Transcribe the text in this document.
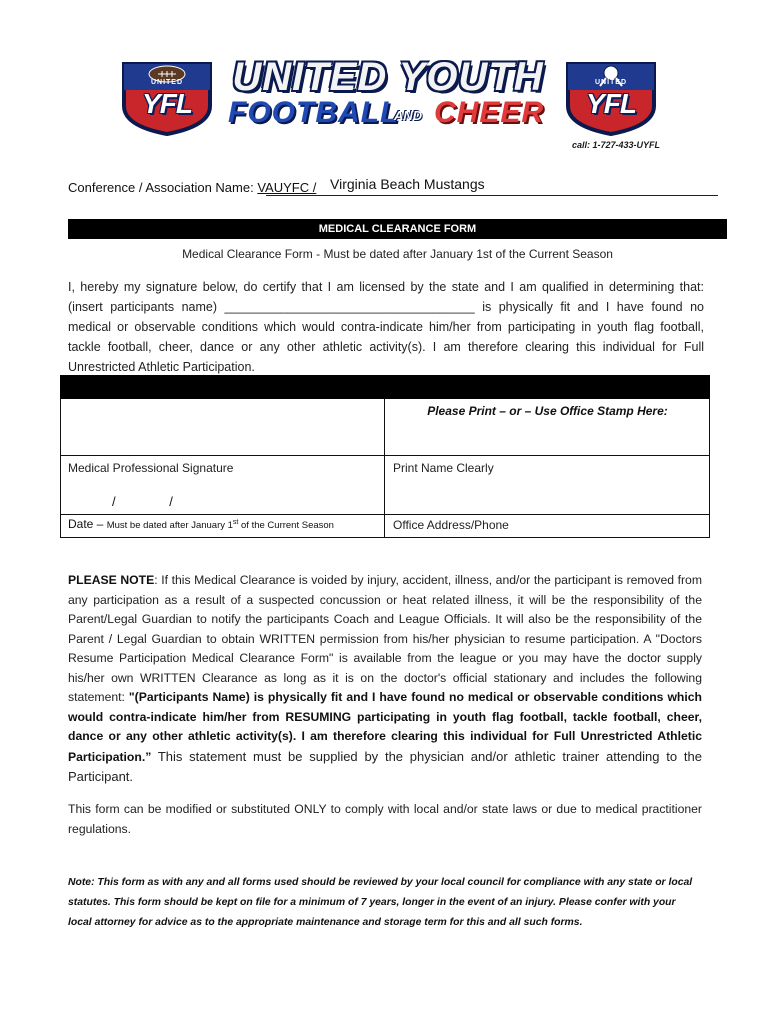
UNITED
YFL
UNITED YOUTH
FOOTBALL
AND CHEER
UNITED
YFL
call: 1-727-433-UYFL
Conference / Association Name: VAUYFC / Virginia Beach Mustangs
MEDICAL CLEARANCE FORM
Medical Clearance Form - Must be dated after January 1st of the Current Season
I, hereby my signature below, do certify that I am licensed by the state and I am qualified in determining that: (insert participants name) ____________________________________ is physically fit and I have found no medical or observable conditions which would contra-indicate him/her from participating in youth flag football, tackle football, cheer, dance or any other athletic activity(s). I am therefore clearing this individual for Full Unrestricted Athletic Participation.
Please Print – or – Use Office Stamp Here:
Medical Professional Signature	Print Name Clearly
/ /
Date – Must be dated after January 1st of the Current Season	Office Address/Phone
PLEASE NOTE: If this Medical Clearance is voided by injury, accident, illness, and/or the participant is removed from any participation as a result of a suspected concussion or heat related illness, it will be the responsibility of the Parent/Legal Guardian to notify the participants Coach and League Officials. It will also be the responsibility of the Parent / Legal Guardian to obtain WRITTEN permission from his/her physician to resume participation. A "Doctors Resume Participation Medical Clearance Form" is available from the league or you may have the doctor supply his/her own WRITTEN Clearance as long as it is on the doctor's official stationary and includes the following statement: "(Participants Name) is physically fit and I have found no medical or observable conditions which would contra-indicate him/her from RESUMING participating in youth flag football, tackle football, cheer, dance or any other athletic activity(s). I am therefore clearing this individual for Full Unrestricted Athletic Participation.” This statement must be supplied by the physician and/or athletic trainer attending to the Participant.
This form can be modified or substituted ONLY to comply with local and/or state laws or due to medical practitioner regulations.
Note: This form as with any and all forms used should be reviewed by your local council for compliance with any state or local statutes. This form should be kept on file for a minimum of 7 years, longer in the event of an injury. Please confer with your local attorney for advice as to the appropriate maintenance and storage term for this and all such forms.
